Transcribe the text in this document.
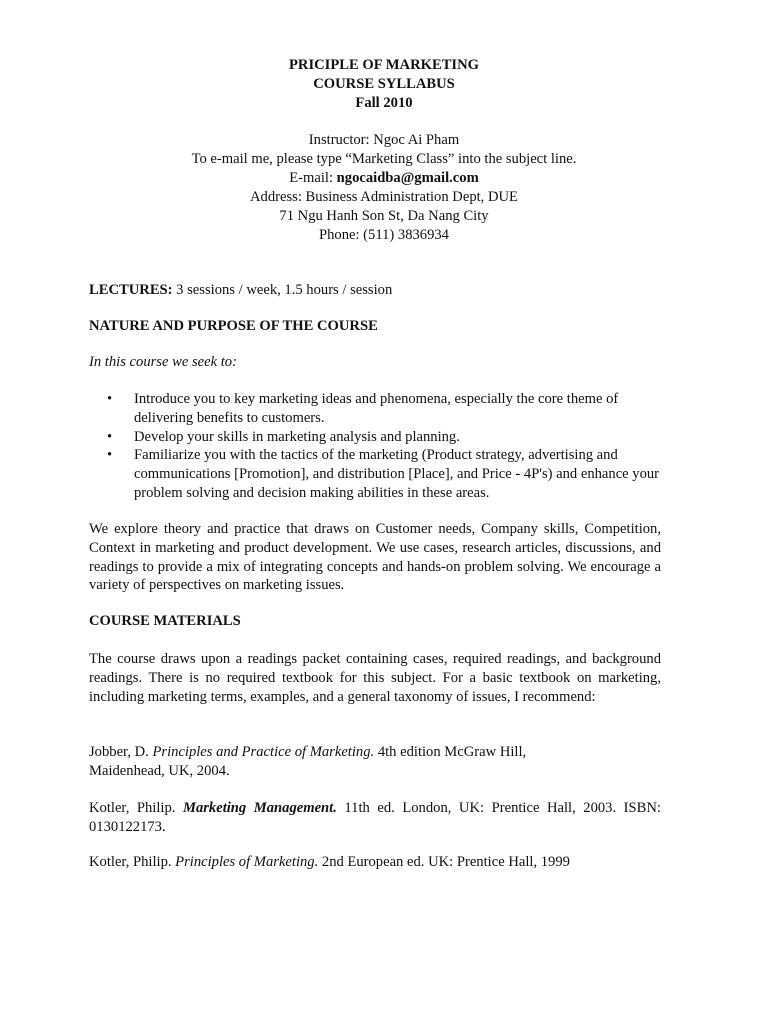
PRICIPLE OF MARKETING
COURSE SYLLABUS
Fall 2010
Instructor: Ngoc Ai Pham
To e-mail me, please type “Marketing Class” into the subject line.
E-mail: ngocaidba@gmail.com
Address: Business Administration Dept, DUE
71 Ngu Hanh Son St, Da Nang City
Phone: (511) 3836934
LECTURES: 3 sessions / week, 1.5 hours / session
NATURE AND PURPOSE OF THE COURSE
In this course we seek to:
• Introduce you to key marketing ideas and phenomena, especially the core theme of delivering benefits to customers.
• Develop your skills in marketing analysis and planning.
• Familiarize you with the tactics of the marketing (Product strategy, advertising and communications [Promotion], and distribution [Place], and Price - 4P's) and enhance your problem solving and decision making abilities in these areas.
We explore theory and practice that draws on Customer needs, Company skills, Competition, Context in marketing and product development. We use cases, research articles, discussions, and readings to provide a mix of integrating concepts and hands-on problem solving. We encourage a variety of perspectives on marketing issues.
COURSE MATERIALS
The course draws upon a readings packet containing cases, required readings, and background readings. There is no required textbook for this subject. For a basic textbook on marketing, including marketing terms, examples, and a general taxonomy of issues, I recommend:
Jobber, D. Principles and Practice of Marketing. 4th edition McGraw Hill, Maidenhead, UK, 2004.
Kotler, Philip. Marketing Management. 11th ed. London, UK: Prentice Hall, 2003. ISBN: 0130122173.
Kotler, Philip. Principles of Marketing. 2nd European ed. UK: Prentice Hall, 1999
